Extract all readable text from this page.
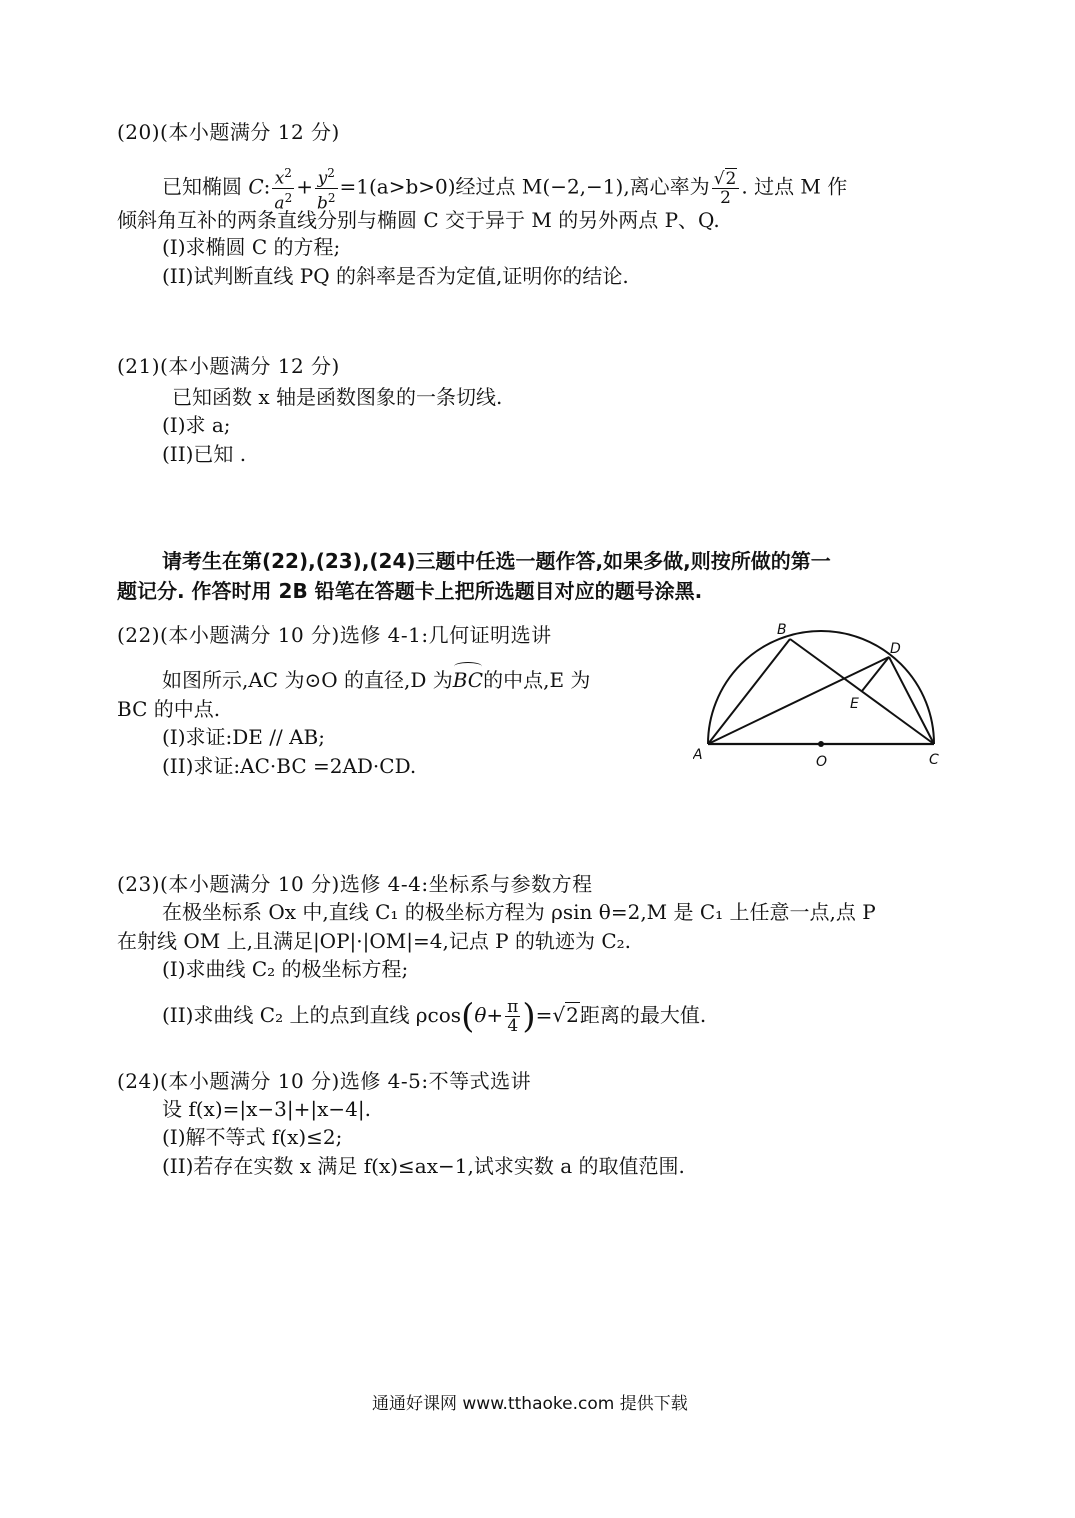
(20)(本小题满分 12 分)
已知椭圆 C: $\frac{x^2}{a^2} + \frac{y^2}{b^2} =1(a>b>0)$经过点 M(−2,−1),离心率为 $\frac{√2}{2}$ . 过点 M 作
倾斜角互补的两条直线分别与椭圆 C 交于异于 M 的另外两点 P、Q.
(I)求椭圆 C 的方程;
(II)试判断直线 PQ 的斜率是否为定值,证明你的结论.
(21)(本小题满分 12 分)
已知函数 x 轴是函数图象的一条切线.
(I)求 a;
(II)已知 .
请考生在第(22),(23),(24)三题中任选一题作答,如果多做,则按所做的第一
题记分. 作答时用 2B 铅笔在答题卡上把所选题目对应的题号涂黑.
(22)(本小题满分 10 分)选修 4-1:几何证明选讲
如图所示,AC 为⊙O 的直径,D 为BC的中点,E 为
BC 的中点.
(I)求证:DE // AB;
(II)求证:AC·BC =2AD·CD.	A
B
C
D
E
O
(23)(本小题满分 10 分)选修 4-4:坐标系与参数方程
在极坐标系 Ox 中,直线 C₁ 的极坐标方程为 ρsin θ=2,M 是 C₁ 上任意一点,点 P
在射线 OM 上,且满足|OP|·|OM|=4,记点 P 的轨迹为 C₂.
(I)求曲线 C₂ 的极坐标方程;
(II)求曲线 C₂ 上的点到直线 $\rho\cos(\theta+ \frac{\pi}{4} )=√2$距离的最大值.
(24)(本小题满分 10 分)选修 4-5:不等式选讲
设 f(x)=|x−3|+|x−4|.
(I)解不等式 f(x)≤2;
(II)若存在实数 x 满足 f(x)≤ax−1,试求实数 a 的取值范围.
通通好课网 www.tthaoke.com 提供下载
